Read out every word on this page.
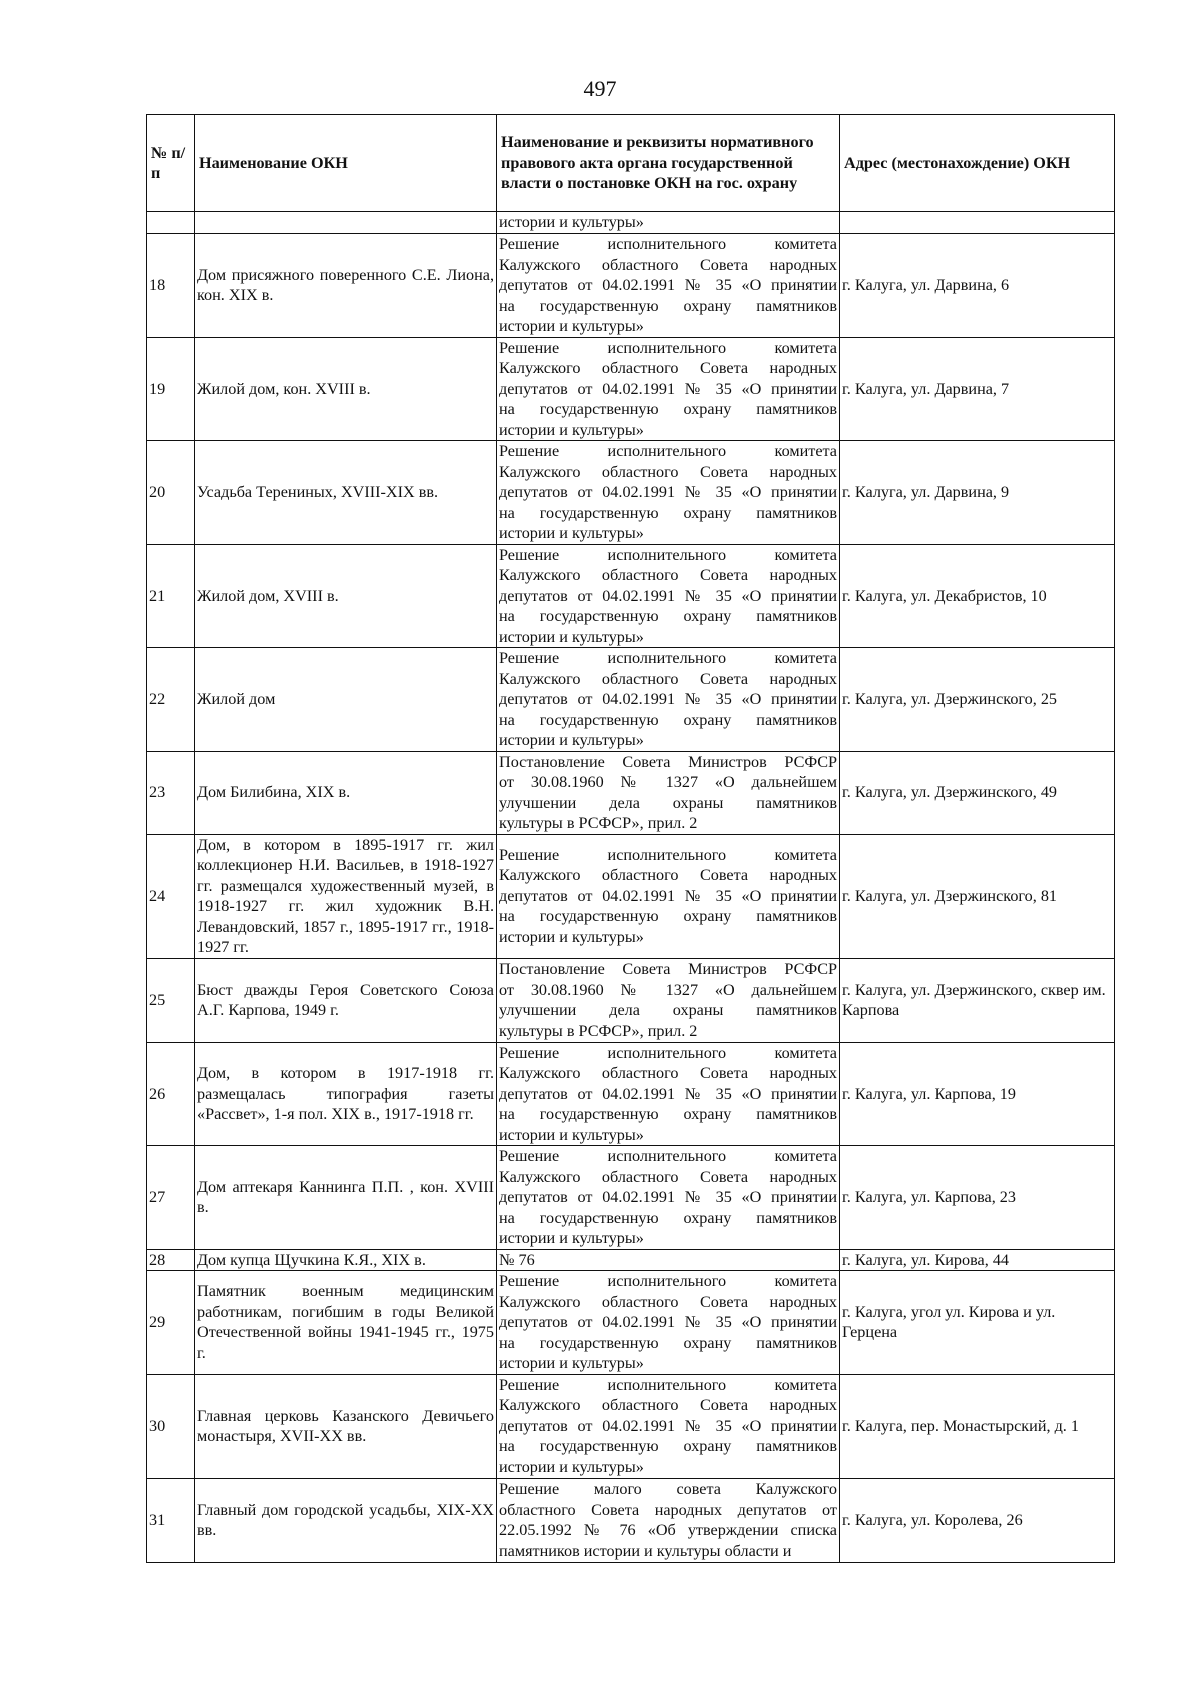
497
№ п/п	Наименование ОКН	Наименование и реквизиты нормативного правового акта органа государственной власти о постановке ОКН на гос. охрану	Адрес (местонахождение) ОКН
		истории и культуры»	
18	Дом присяжного поверенного С.Е. Лиона, кон. XIX в.	Решение исполнительного комитета
Калужского областного Совета народных
депутатов от 04.02.1991 № 35 «О принятии
на государственную охрану памятников
истории и культуры»	г. Калуга, ул. Дарвина, 6
19	Жилой дом, кон. XVIII в.	Решение исполнительного комитета
Калужского областного Совета народных
депутатов от 04.02.1991 № 35 «О принятии
на государственную охрану памятников
истории и культуры»	г. Калуга, ул. Дарвина, 7
20	Усадьба Терениных, XVIII-XIX вв.	Решение исполнительного комитета
Калужского областного Совета народных
депутатов от 04.02.1991 № 35 «О принятии
на государственную охрану памятников
истории и культуры»	г. Калуга, ул. Дарвина, 9
21	Жилой дом, XVIII в.	Решение исполнительного комитета
Калужского областного Совета народных
депутатов от 04.02.1991 № 35 «О принятии
на государственную охрану памятников
истории и культуры»	г. Калуга, ул. Декабристов, 10
22	Жилой дом	Решение исполнительного комитета
Калужского областного Совета народных
депутатов от 04.02.1991 № 35 «О принятии
на государственную охрану памятников
истории и культуры»	г. Калуга, ул. Дзержинского, 25
23	Дом Билибина, XIX в.	Постановление Совета Министров РСФСР
от 30.08.1960 № 1327 «О дальнейшем
улучшении дела охраны памятников
культуры в РСФСР», прил. 2	г. Калуга, ул. Дзержинского, 49
24	Дом, в котором в 1895-1917 гг. жил коллекционер Н.И. Васильев, в 1918-1927 гг. размещался художественный музей, в 1918-1927 гг. жил художник В.Н. Левандовский, 1857 г., 1895-1917 гг., 1918-1927 гг.	Решение исполнительного комитета
Калужского областного Совета народных
депутатов от 04.02.1991 № 35 «О принятии
на государственную охрану памятников
истории и культуры»	г. Калуга, ул. Дзержинского, 81
25	Бюст дважды Героя Советского Союза А.Г. Карпова, 1949 г.	Постановление Совета Министров РСФСР
от 30.08.1960 № 1327 «О дальнейшем
улучшении дела охраны памятников
культуры в РСФСР», прил. 2	г. Калуга, ул. Дзержинского, сквер им. Карпова
26	Дом, в котором в 1917-1918 гг. размещалась типография газеты «Рассвет», 1-я пол. XIX в., 1917-1918 гг.	Решение исполнительного комитета
Калужского областного Совета народных
депутатов от 04.02.1991 № 35 «О принятии
на государственную охрану памятников
истории и культуры»	г. Калуга, ул. Карпова, 19
27	Дом аптекаря Каннинга П.П. , кон. XVIII в.	Решение исполнительного комитета
Калужского областного Совета народных
депутатов от 04.02.1991 № 35 «О принятии
на государственную охрану памятников
истории и культуры»	г. Калуга, ул. Карпова, 23
28	Дом купца Щучкина К.Я., XIX в.	№ 76	г. Калуга, ул. Кирова, 44
29	Памятник военным медицинским работникам, погибшим в годы Великой Отечественной войны 1941-1945 гг., 1975 г.	Решение исполнительного комитета
Калужского областного Совета народных
депутатов от 04.02.1991 № 35 «О принятии
на государственную охрану памятников
истории и культуры»	г. Калуга, угол ул. Кирова и ул. Герцена
30	Главная церковь Казанского Девичьего монастыря, XVII-XX вв.	Решение исполнительного комитета
Калужского областного Совета народных
депутатов от 04.02.1991 № 35 «О принятии
на государственную охрану памятников
истории и культуры»	г. Калуга, пер. Монастырский, д. 1
31	Главный дом городской усадьбы, XIX-XX вв.	Решение малого совета Калужского
областного Совета народных депутатов от
22.05.1992 № 76 «Об утверждении списка
памятников истории и культуры области и	г. Калуга, ул. Королева, 26
